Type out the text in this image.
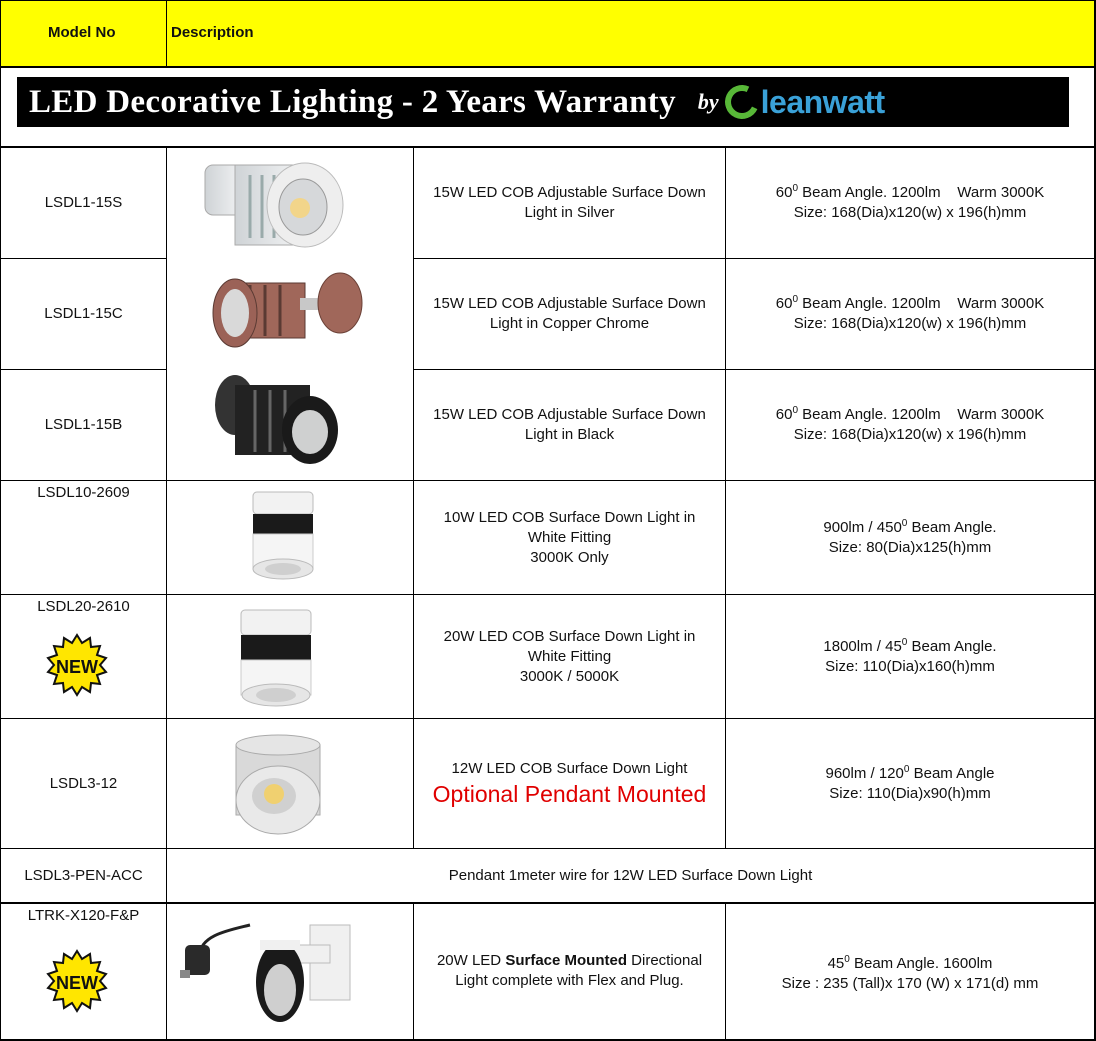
Model No	Description
LED Decorative Lighting - 2 Years Warranty by leanwatt
LSDL1-15S
15W LED COB Adjustable Surface Down
Light in Silver
$60^0$ Beam Angle. 1200lm    Warm 3000K
Size: 168(Dia)x120(w) x 196(h)mm
LSDL1-15C
15W LED COB Adjustable Surface Down
Light in Copper Chrome
$60^0$ Beam Angle. 1200lm    Warm 3000K
Size: 168(Dia)x120(w) x 196(h)mm
LSDL1-15B
15W LED COB Adjustable Surface Down
Light in Black
$60^0$ Beam Angle. 1200lm    Warm 3000K
Size: 168(Dia)x120(w) x 196(h)mm
LSDL10-2609
10W LED COB Surface Down Light in
White Fitting
3000K Only
$900lm / 450^0$ Beam Angle.
Size: 80(Dia)x125(h)mm
LSDL20-2610
20W LED COB Surface Down Light in
White Fitting
3000K / 5000K
$1800lm / 45^0$ Beam Angle.
Size: 110(Dia)x160(h)mm
LSDL3-12
12W LED COB Surface Down Light
Optional Pendant Mounted
$960lm / 120^0$ Beam Angle
Size: 110(Dia)x90(h)mm
LSDL3-PEN-ACC	Pendant 1meter wire for 12W LED Surface Down Light
LTRK-X120-F&P
20W LED Surface Mounted Directional
Light complete with Flex and Plug.
$45^0$ Beam Angle. 1600lm
Size : 235 (Tall)x 170 (W) x 171(d) mm
NEW
NEW
